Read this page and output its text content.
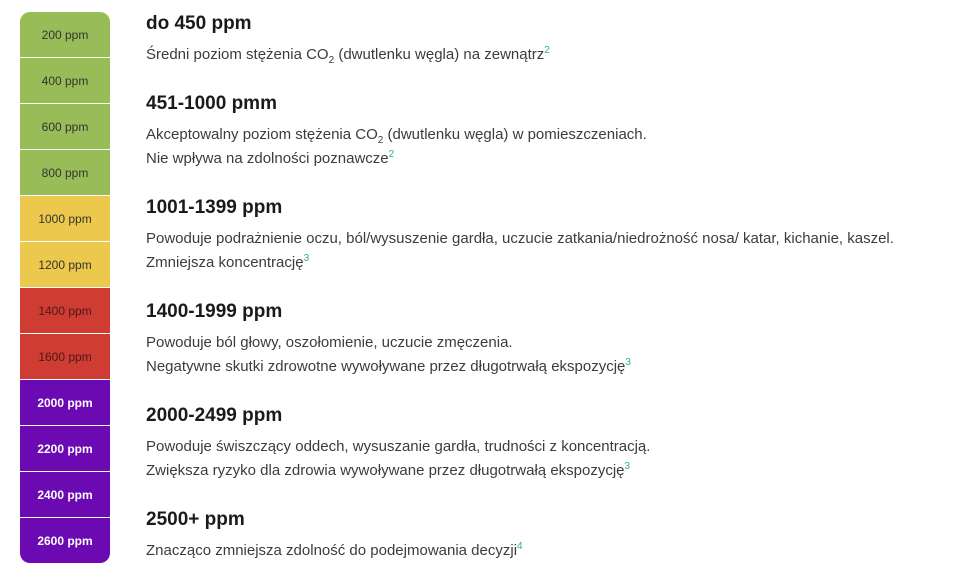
200 ppm
400 ppm
600 ppm
800 ppm
1000 ppm
1200 ppm
1400 ppm
1600 ppm
2000 ppm
2200 ppm
2400 ppm
2600 ppm
do 450 ppm

Średni poziom stężenia $CO_2$ (dwutlenku węgla) na zewnątrz$^2$

451-1000 pmm

Akceptowalny poziom stężenia $CO_2$ (dwutlenku węgla) w pomieszczeniach.

Nie wpływa na zdolności poznawcze$^2$

1001-1399 ppm

Powoduje podrażnienie oczu, ból/wysuszenie gardła, uczucie zatkania/niedrożność nosa/ katar, kichanie, kaszel.

Zmniejsza koncentrację$^3$

1400-1999 ppm

Powoduje ból głowy, oszołomienie, uczucie zmęczenia.

Negatywne skutki zdrowotne wywoływane przez długotrwałą ekspozycję$^3$

2000-2499 ppm

Powoduje świszczący oddech, wysuszanie gardła, trudności z koncentracją.

Zwiększa ryzyko dla zdrowia wywoływane przez długotrwałą ekspozycję$^3$

2500+ ppm

Znacząco zmniejsza zdolność do podejmowania decyzji$^4$
